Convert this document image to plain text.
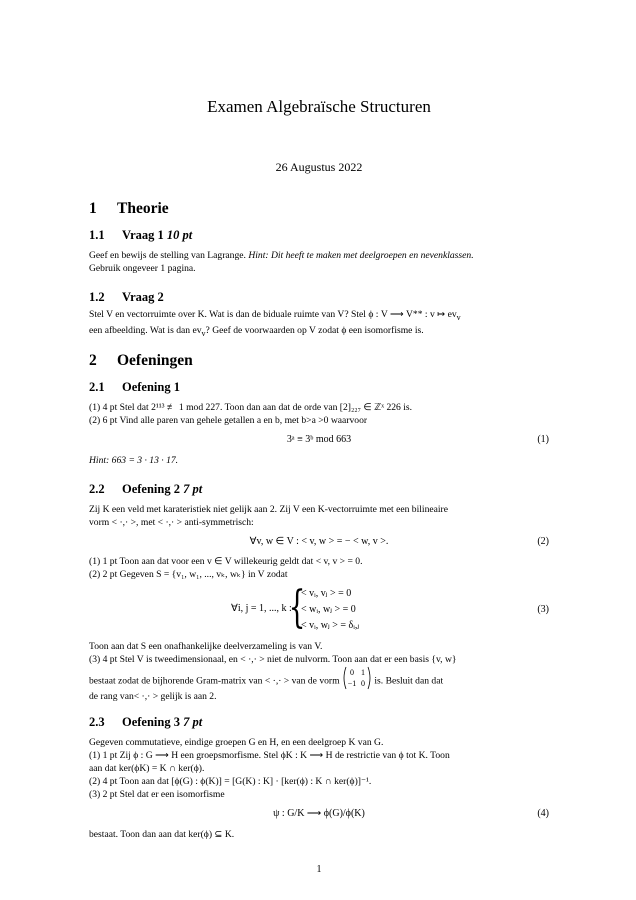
Examen Algebraïsche Structuren
26 Augustus 2022
1 Theorie
1.1 Vraag 1 10 pt
Geef en bewijs de stelling van Lagrange. Hint: Dit heeft te maken met deelgroepen en nevenklassen.
Gebruik ongeveer 1 pagina.
1.2 Vraag 2
Stel V en vectorruimte over K. Wat is dan de biduale ruimte van V? Stel ϕ : V ⟶ V** : v ↦ $ev_v$
een afbeelding. Wat is dan $ev_v$? Geef de voorwaarden op V zodat ϕ een isomorfisme is.
2 Oefeningen
2.1 Oefening 1
(1) 4 pt Stel dat 2¹¹³ ≢ 1 mod 227. Toon dan aan dat de orde van [2]₂₂₇ ∈ ℤˣ 226 is.
(2) 6 pt Vind alle paren van gehele getallen a en b, met b>a >0 waarvoor
3ᵃ ≡ 3ᵇ mod 663	(1)
Hint: 663 = 3 · 13 · 17.
2.2 Oefening 2 7 pt
Zij K een veld met karateristiek niet gelijk aan 2. Zij V een K-vectorruimte met een bilineaire
vorm < ·,· >, met < ·,· > anti-symmetrisch:
∀v, w ∈ V : < v, w > = − < w, v >.	(2)
(1) 1 pt Toon aan dat voor een v ∈ V willekeurig geldt dat < v, v > = 0.
(2) 2 pt Gegeven S = {v₁, w₁, ..., vₖ, wₖ} in V zodat
∀i, j = 1, ..., k :
{
< vᵢ, vⱼ > = 0
< wᵢ, wⱼ > = 0
< vᵢ, wⱼ > = δᵢ,ⱼ
(3)
Toon aan dat S een onafhankelijke deelverzameling is van V.
(3) 4 pt Stel V is tweedimensionaal, en < ·,· > niet de nulvorm. Toon aan dat er een basis {v, w}
bestaat zodat de bijhorende Gram-matrix van < ·,· > van de vorm
0 1
−1 0 is. Besluit dan dat
de rang van< ·,· > gelijk is aan 2.
2.3 Oefening 3 7 pt
Gegeven commutatieve, eindige groepen G en H, en een deelgroep K van G.
(1) 1 pt Zij ϕ : G ⟶ H een groepsmorfisme. Stel ϕK : K ⟶ H de restrictie van ϕ tot K. Toon
aan dat ker(ϕK) = K ∩ ker(ϕ).
(2) 4 pt Toon aan dat [ϕ(G) : ϕ(K)] = [G(K) : K] · [ker(ϕ) : K ∩ ker(ϕ)]⁻¹.
(3) 2 pt Stel dat er een isomorfisme
ψ : G/K ⟶ ϕ(G)/ϕ(K)	(4)
bestaat. Toon dan aan dat ker(ϕ) ⊆ K.
1
